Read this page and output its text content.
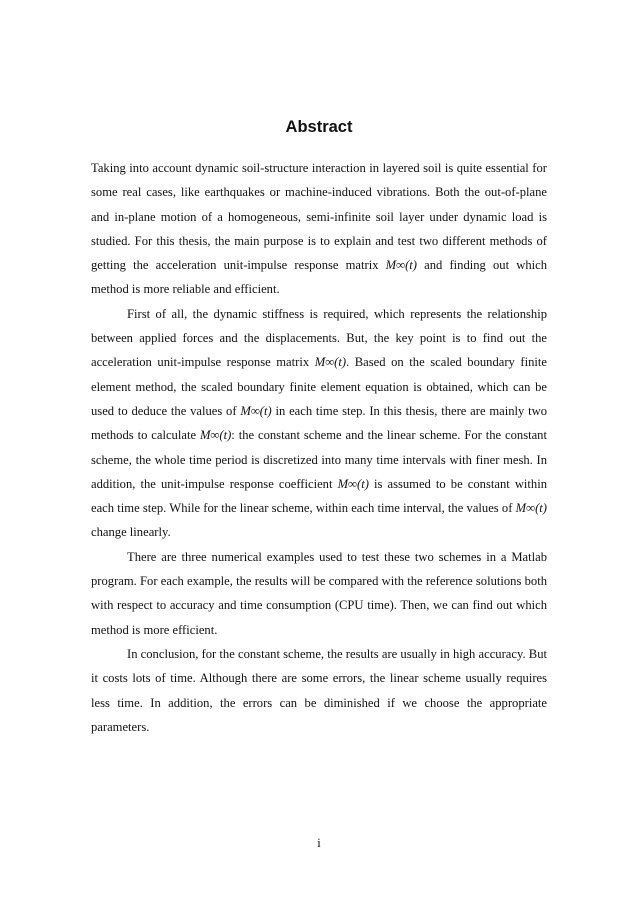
Abstract

Taking into account dynamic soil-structure interaction in layered soil is quite essential for some real cases, like earthquakes or machine-induced vibrations. Both the out-of-plane and in-plane motion of a homogeneous, semi-infinite soil layer under dynamic load is studied. For this thesis, the main purpose is to explain and test two different methods of getting the acceleration unit-impulse response matrix M∞(t) and finding out which method is more reliable and efficient.

First of all, the dynamic stiffness is required, which represents the relationship between applied forces and the displacements. But, the key point is to find out the acceleration unit-impulse response matrix M∞(t). Based on the scaled boundary finite element method, the scaled boundary finite element equation is obtained, which can be used to deduce the values of M∞(t) in each time step. In this thesis, there are mainly two methods to calculate M∞(t): the constant scheme and the linear scheme. For the constant scheme, the whole time period is discretized into many time intervals with finer mesh. In addition, the unit-impulse response coefficient M∞(t) is assumed to be constant within each time step. While for the linear scheme, within each time interval, the values of M∞(t) change linearly.

There are three numerical examples used to test these two schemes in a Matlab program. For each example, the results will be compared with the reference solutions both with respect to accuracy and time consumption (CPU time). Then, we can find out which method is more efficient.

In conclusion, for the constant scheme, the results are usually in high accuracy. But it costs lots of time. Although there are some errors, the linear scheme usually requires less time. In addition, the errors can be diminished if we choose the appropriate parameters.

i
